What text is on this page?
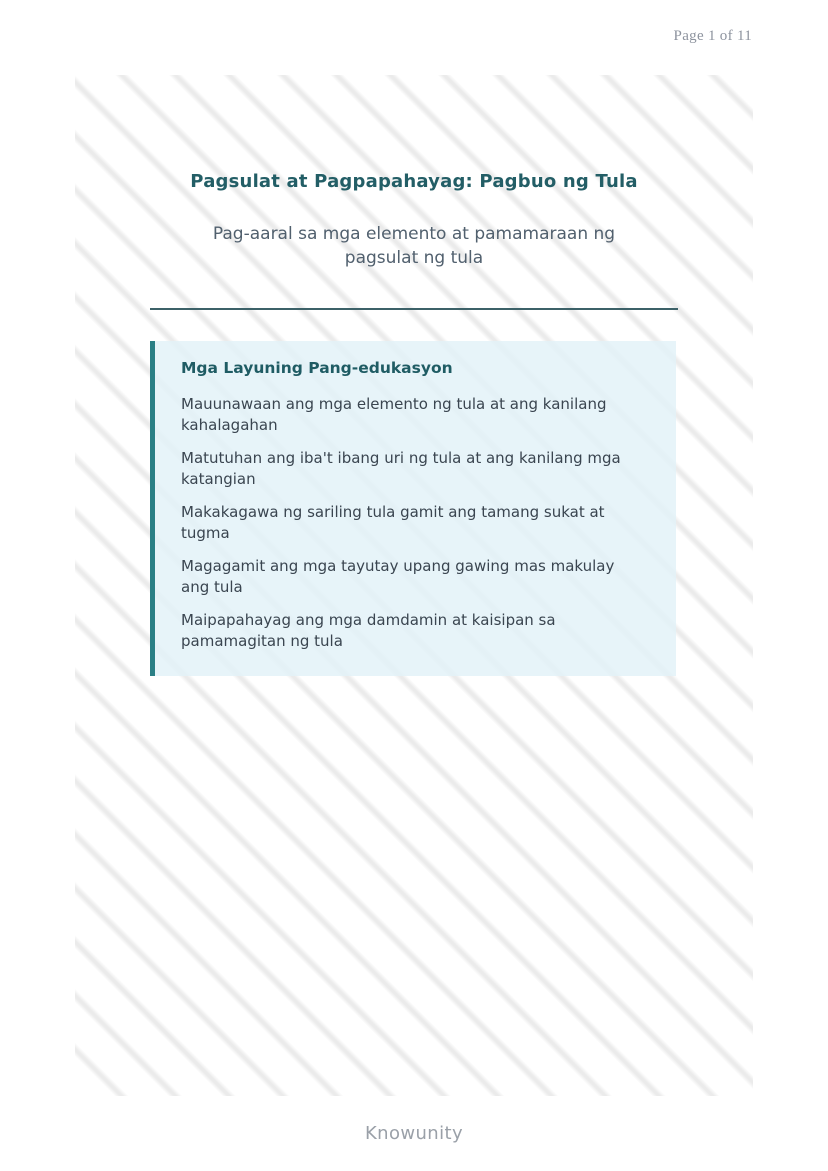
Page 1 of 11
Pagsulat at Pagpapahayag: Pagbuo ng Tula
Pag-aaral sa mga elemento at pamamaraan ng pagsulat ng tula
Mga Layuning Pang-edukasyon
Mauunawaan ang mga elemento ng tula at ang kanilang kahalagahan
Matutuhan ang iba't ibang uri ng tula at ang kanilang mga katangian
Makakagawa ng sariling tula gamit ang tamang sukat at tugma
Magagamit ang mga tayutay upang gawing mas makulay ang tula
Maipapahayag ang mga damdamin at kaisipan sa pamamagitan ng tula
Knowunity
